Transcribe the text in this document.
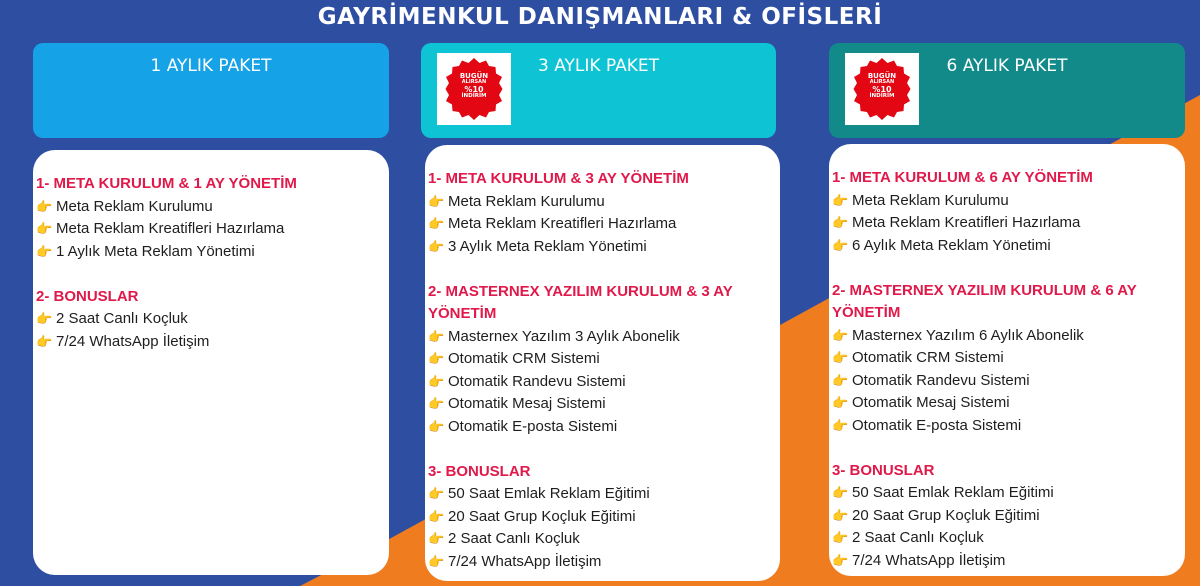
GAYRİMENKUL DANIŞMANLARI & OFİSLERİ
1 AYLIK PAKET
1- META KURULUM & 1 AY YÖNETİM
👉 Meta Reklam Kurulumu
👉 Meta Reklam Kreatifleri Hazırlama
👉 1 Aylık Meta Reklam Yönetimi
2- BONUSLAR
👉 2 Saat Canlı Koçluk
👉 7/24 WhatsApp İletişim
BUGÜN
ALIRSAN
%10
İNDİRİM
3 AYLIK PAKET
1- META KURULUM & 3 AY YÖNETİM
👉 Meta Reklam Kurulumu
👉 Meta Reklam Kreatifleri Hazırlama
👉 3 Aylık Meta Reklam Yönetimi
2- MASTERNEX YAZILIM KURULUM & 3 AY YÖNETİM
👉 Masternex Yazılım 3 Aylık Abonelik
👉 Otomatik CRM Sistemi
👉 Otomatik Randevu Sistemi
👉 Otomatik Mesaj Sistemi
👉 Otomatik E-posta Sistemi
3- BONUSLAR
👉 50 Saat Emlak Reklam Eğitimi
👉 20 Saat Grup Koçluk Eğitimi
👉 2 Saat Canlı Koçluk
👉 7/24 WhatsApp İletişim
BUGÜN
ALIRSAN
%10
İNDİRİM
6 AYLIK PAKET
1- META KURULUM & 6 AY YÖNETİM
👉 Meta Reklam Kurulumu
👉 Meta Reklam Kreatifleri Hazırlama
👉 6 Aylık Meta Reklam Yönetimi
2- MASTERNEX YAZILIM KURULUM & 6 AY YÖNETİM
👉 Masternex Yazılım 6 Aylık Abonelik
👉 Otomatik CRM Sistemi
👉 Otomatik Randevu Sistemi
👉 Otomatik Mesaj Sistemi
👉 Otomatik E-posta Sistemi
3- BONUSLAR
👉 50 Saat Emlak Reklam Eğitimi
👉 20 Saat Grup Koçluk Eğitimi
👉 2 Saat Canlı Koçluk
👉 7/24 WhatsApp İletişim
